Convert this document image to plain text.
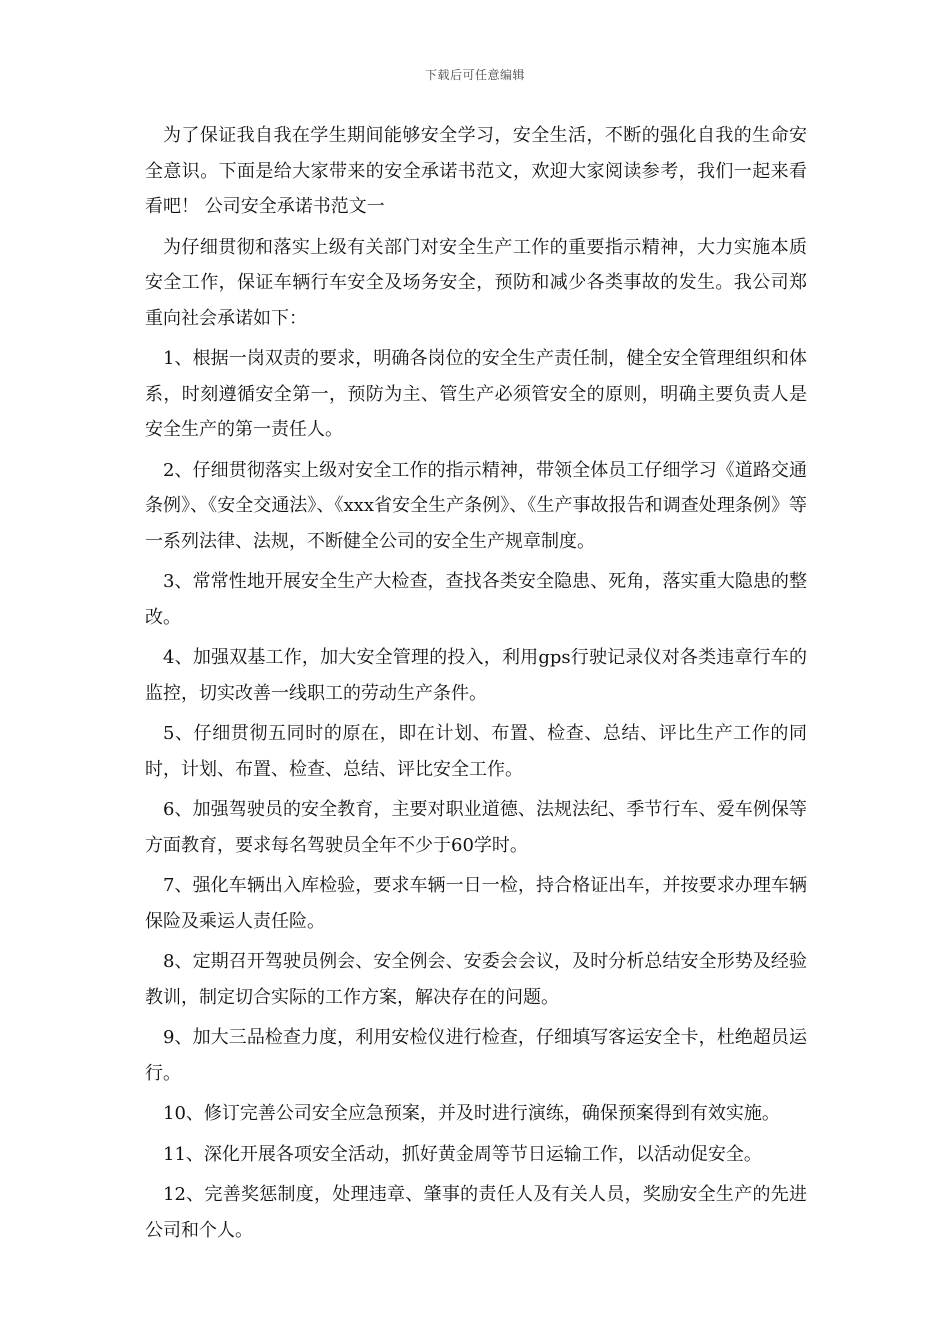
下载后可任意编辑

为了保证我自我在学生期间能够安全学习，安全生活，不断的强化自我的生命安全意识。下面是给大家带来的安全承诺书范文，欢迎大家阅读参考，我们一起来看看吧！ 公司安全承诺书范文一

为仔细贯彻和落实上级有关部门对安全生产工作的重要指示精神，大力实施本质安全工作，保证车辆行车安全及场务安全，预防和减少各类事故的发生。我公司郑重向社会承诺如下：

1、根据一岗双责的要求，明确各岗位的安全生产责任制，健全安全管理组织和体系，时刻遵循安全第一，预防为主、管生产必须管安全的原则，明确主要负责人是安全生产的第一责任人。

2、仔细贯彻落实上级对安全工作的指示精神，带领全体员工仔细学习《道路交通条例》、《安全交通法》、《xxx省安全生产条例》、《生产事故报告和调查处理条例》等一系列法律、法规，不断健全公司的安全生产规章制度。

3、常常性地开展安全生产大检查，查找各类安全隐患、死角，落实重大隐患的整改。

4、加强双基工作，加大安全管理的投入，利用gps行驶记录仪对各类违章行车的监控，切实改善一线职工的劳动生产条件。

5、仔细贯彻五同时的原在，即在计划、布置、检查、总结、评比生产工作的同时，计划、布置、检查、总结、评比安全工作。

6、加强驾驶员的安全教育，主要对职业道德、法规法纪、季节行车、爱车例保等方面教育，要求每名驾驶员全年不少于60学时。

7、强化车辆出入库检验，要求车辆一日一检，持合格证出车，并按要求办理车辆保险及乘运人责任险。

8、定期召开驾驶员例会、安全例会、安委会会议，及时分析总结安全形势及经验教训，制定切合实际的工作方案，解决存在的问题。

9、加大三品检查力度，利用安检仪进行检查，仔细填写客运安全卡，杜绝超员运行。

10、修订完善公司安全应急预案，并及时进行演练，确保预案得到有效实施。

11、深化开展各项安全活动，抓好黄金周等节日运输工作，以活动促安全。

12、完善奖惩制度，处理违章、肇事的责任人及有关人员，奖励安全生产的先进公司和个人。
